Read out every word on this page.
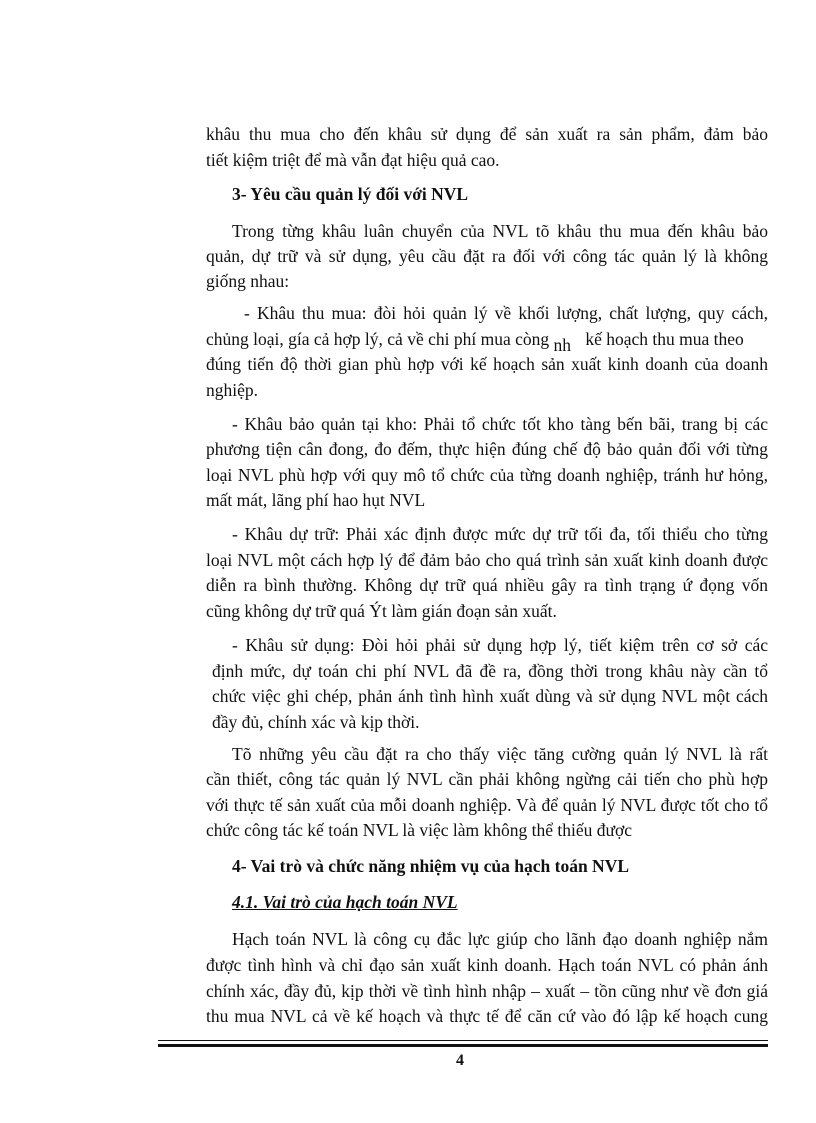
khâu thu mua cho đến khâu sử dụng để sản xuất ra sản phẩm, đảm bảo
tiết kiệm triệt để mà vẫn đạt hiệu quả cao.
3- Yêu cầu quản lý đối với NVL
Trong từng khâu luân chuyển của NVL tõ khâu thu mua đến khâu bảo
quản, dự trữ và sử dụng, yêu cầu đặt ra đối với công tác quản lý là không
giống nhau:
- Khâu thu mua: đòi hỏi quản lý về khối lượng, chất lượng, quy cách,
chủng loại, gía cả hợp lý, cả về chi phí mua còng nh kế hoạch thu mua theo
đúng tiến độ thời gian phù hợp với kế hoạch sản xuất kinh doanh của doanh
nghiệp.
- Khâu bảo quản tại kho: Phải tổ chức tốt kho tàng bến bãi, trang bị các
phương tiện cân đong, đo đếm, thực hiện đúng chế độ bảo quản đối với từng
loại NVL phù hợp với quy mô tổ chức của từng doanh nghiệp, tránh hư hỏng,
mất mát, lãng phí hao hụt NVL
- Khâu dự trữ: Phải xác định được mức dự trữ tối đa, tối thiểu cho từng
loại NVL một cách hợp lý để đảm bảo cho quá trình sản xuất kinh doanh được
diễn ra bình thường. Không dự trữ quá nhiều gây ra tình trạng ứ đọng vốn
cũng không dự trữ quá Ýt làm gián đoạn sản xuất.
- Khâu sử dụng: Đòi hỏi phải sử dụng hợp lý, tiết kiệm trên cơ sở các
định mức, dự toán chi phí NVL đã đề ra, đồng thời trong khâu này cần tổ
chức việc ghi chép, phản ánh tình hình xuất dùng và sử dụng NVL một cách
đầy đủ, chính xác và kịp thời.
Tõ những yêu cầu đặt ra cho thấy việc tăng cường quản lý NVL là rất
cần thiết, công tác quản lý NVL cần phải không ngừng cải tiến cho phù hợp
với thực tế sản xuất của mỗi doanh nghiệp. Và để quản lý NVL được tốt cho tổ
chức công tác kế toán NVL là việc làm không thể thiếu được
4- Vai trò và chức năng nhiệm vụ của hạch toán NVL
4.1. Vai trò của hạch toán NVL
Hạch toán NVL là công cụ đắc lực giúp cho lãnh đạo doanh nghiệp nắm
được tình hình và chỉ đạo sản xuất kinh doanh. Hạch toán NVL có phản ánh
chính xác, đầy đủ, kịp thời về tình hình nhập – xuất – tồn cũng như về đơn giá
thu mua NVL cả về kế hoạch và thực tế để căn cứ vào đó lập kế hoạch cung
4
